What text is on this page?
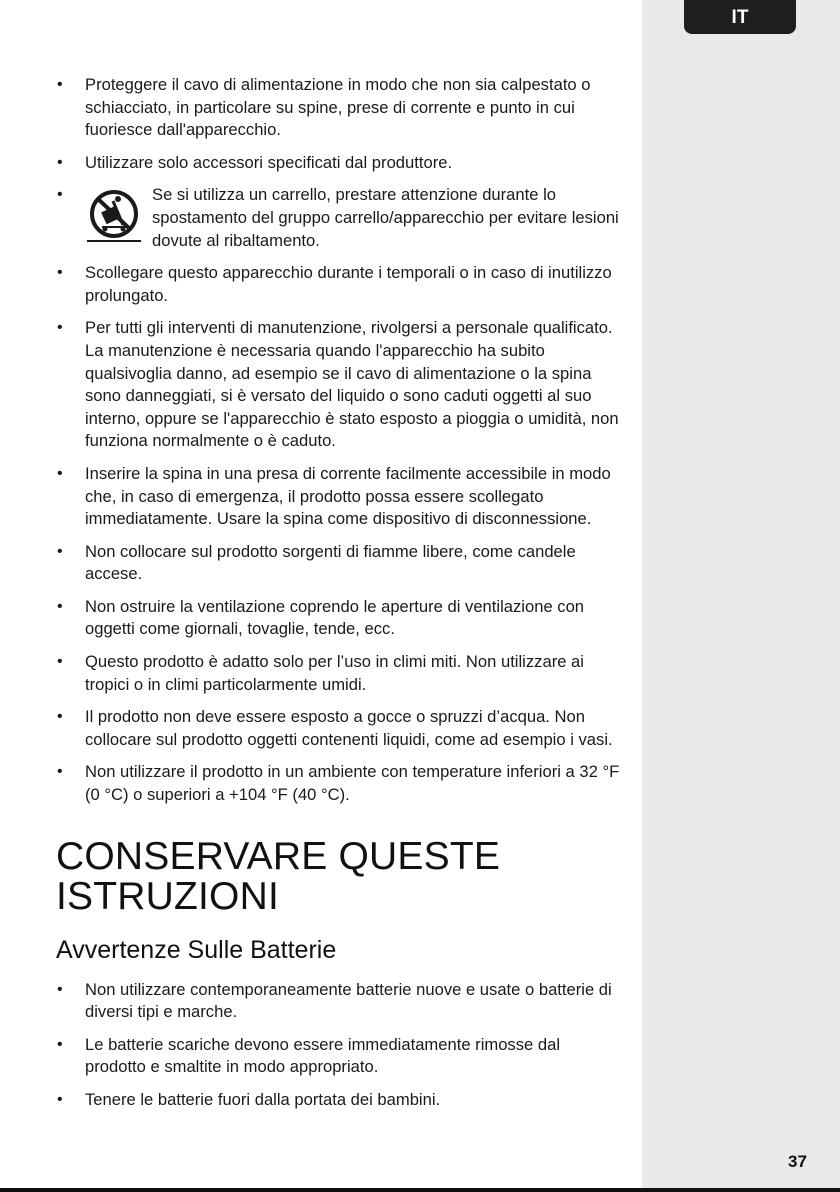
IT
• Proteggere il cavo di alimentazione in modo che non sia calpestato o schiacciato, in particolare su spine, prese di corrente e punto in cui fuoriesce dall'apparecchio.
• Utilizzare solo accessori specificati dal produttore.
•	Se si utilizza un carrello, prestare attenzione durante lo spostamento del gruppo carrello/apparecchio per evitare lesioni dovute al ribaltamento.
• Scollegare questo apparecchio durante i temporali o in caso di inutilizzo prolungato.
• Per tutti gli interventi di manutenzione, rivolgersi a personale qualificato. La manutenzione è necessaria quando l'apparecchio ha subito qualsivoglia danno, ad esempio se il cavo di alimentazione o la spina sono danneggiati, si è versato del liquido o sono caduti oggetti al suo interno, oppure se l'apparecchio è stato esposto a pioggia o umidità, non funziona normalmente o è caduto.
• Inserire la spina in una presa di corrente facilmente accessibile in modo che, in caso di emergenza, il prodotto possa essere scollegato immediatamente. Usare la spina come dispositivo di disconnessione.
• Non collocare sul prodotto sorgenti di fiamme libere, come candele accese.
• Non ostruire la ventilazione coprendo le aperture di ventilazione con oggetti come giornali, tovaglie, tende, ecc.
• Questo prodotto è adatto solo per l’uso in climi miti. Non utilizzare ai tropici o in climi particolarmente umidi.
• Il prodotto non deve essere esposto a gocce o spruzzi d’acqua. Non collocare sul prodotto oggetti contenenti liquidi, come ad esempio i vasi.
• Non utilizzare il prodotto in un ambiente con temperature inferiori a 32 °F (0 °C) o superiori a +104 °F (40 °C).
CONSERVARE QUESTE
ISTRUZIONI
Avvertenze Sulle Batterie
• Non utilizzare contemporaneamente batterie nuove e usate o batterie di diversi tipi e marche.
• Le batterie scariche devono essere immediatamente rimosse dal prodotto e smaltite in modo appropriato.
• Tenere le batterie fuori dalla portata dei bambini.
37
